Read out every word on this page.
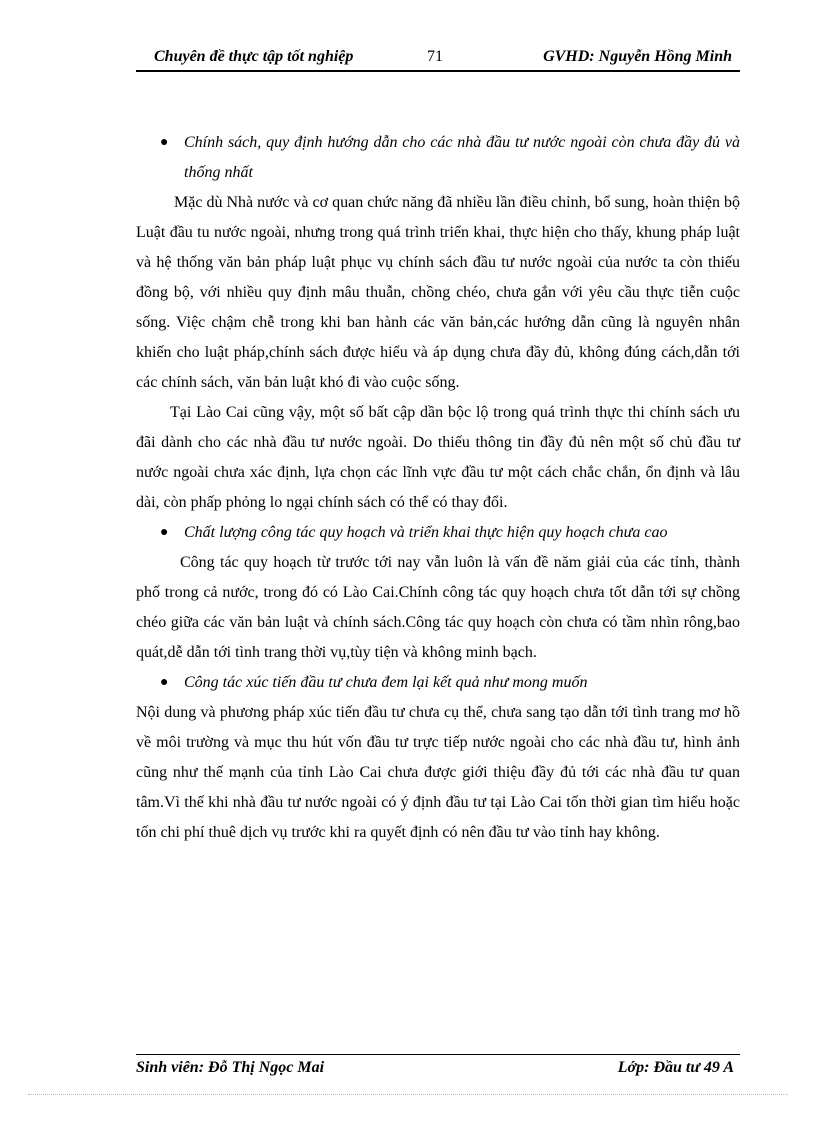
Chuyên đề thực tập tốt nghiệp	71	GVHD: Nguyễn Hồng Minh
● Chính sách, quy định hướng dẫn cho các nhà đầu tư nước ngoài còn chưa đầy đủ và thống nhất

Mặc dù Nhà nước và cơ quan chức năng đã nhiều lần điều chỉnh, bổ sung, hoàn thiện bộ Luật đầu tu nước ngoài, nhưng trong quá trình triển khai, thực hiện cho thấy, khung pháp luật và hệ thống văn bản pháp luật phục vụ chính sách đầu tư nước ngoài của nước ta còn thiếu đồng bộ, với nhiều quy định mâu thuẫn, chồng chéo, chưa gắn với yêu cầu thực tiễn cuộc sống. Việc chậm chễ trong khi ban hành các văn bản,các hướng dẫn cũng là nguyên nhân khiến cho luật pháp,chính sách được hiểu và áp dụng chưa đầy đủ, không đúng cách,dẫn tới các chính sách, văn bản luật khó đi vào cuộc sống.

Tại Lào Cai cũng vậy, một số bất cập dần bộc lộ trong quá trình thực thi chính sách ưu đãi dành cho các nhà đầu tư nước ngoài. Do thiếu thông tin đầy đủ nên một số chủ đầu tư nước ngoài chưa xác định, lựa chọn các lĩnh vực đầu tư một cách chắc chắn, ổn định và lâu dài, còn phấp phỏng lo ngại chính sách có thể có thay đổi.

● Chất lượng công tác quy hoạch và triển khai thực hiện quy hoạch chưa cao

Công tác quy hoạch từ trước tới nay vẫn luôn là vấn đề năm giải của các tỉnh, thành phố trong cả nước, trong đó có Lào Cai.Chính công tác quy hoạch chưa tốt dẫn tới sự chồng chéo giữa các văn bản luật và chính sách.Công tác quy hoạch còn chưa có tầm nhìn rông,bao quát,dễ dẫn tới tình trang thời vụ,tùy tiện và không minh bạch.

● Công tác xúc tiến đầu tư chưa đem lại kết quả như mong muốn

Nội dung và phương pháp xúc tiến đầu tư chưa cụ thể, chưa sang tạo dẫn tới tình trang mơ hồ về môi trường và mục thu hút vốn đầu tư trực tiếp nước ngoài cho các nhà đầu tư, hình ảnh cũng như thế mạnh của tỉnh Lào Cai chưa được giới thiệu đầy đủ tới các nhà đầu tư quan tâm.Vì thế khi nhà đầu tư nước ngoài có ý định đầu tư tại Lào Cai tốn thời gian tìm hiểu hoặc tốn chi phí thuê dịch vụ trước khi ra quyết định có nên đầu tư vào tỉnh hay không.

Sinh viên: Đỗ Thị Ngọc Mai	Lớp: Đầu tư 49 A
